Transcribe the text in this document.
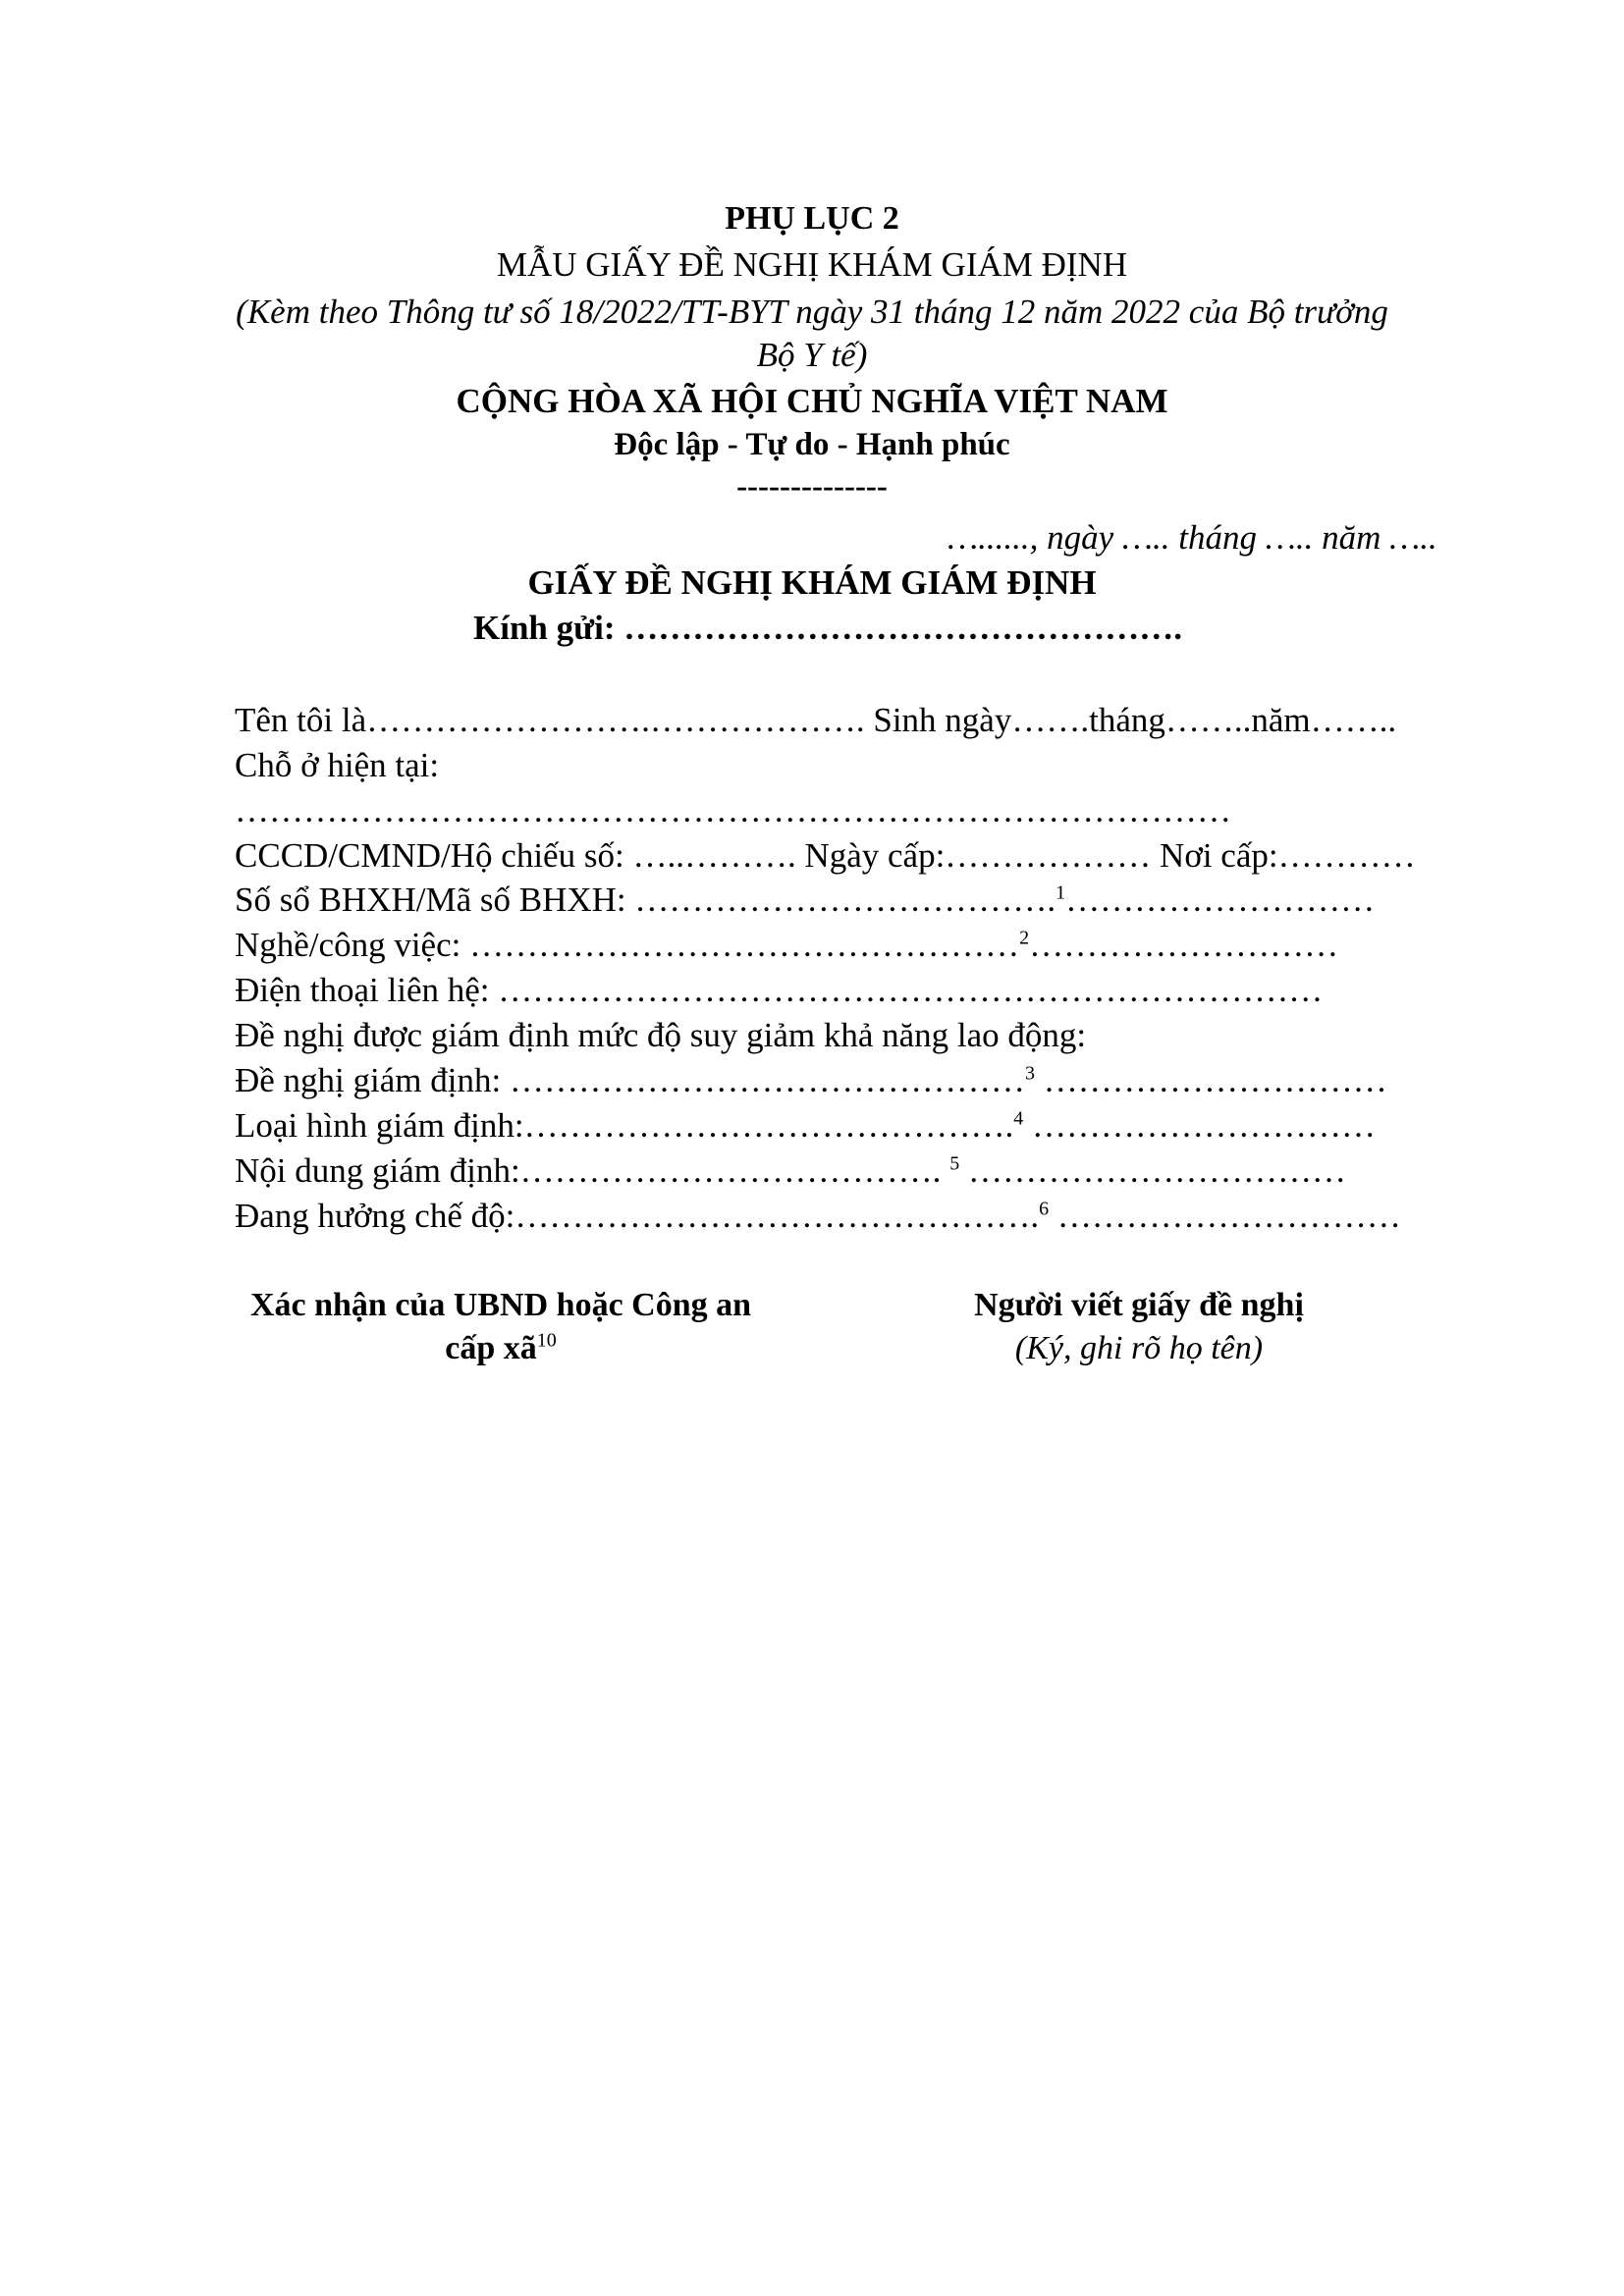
PHỤ LỤC 2
MẪU GIẤY ĐỀ NGHỊ KHÁM GIÁM ĐỊNH
(Kèm theo Thông tư số 18/2022/TT-BYT ngày 31 tháng 12 năm 2022 của Bộ trưởng
Bộ Y tế)
CỘNG HÒA XÃ HỘI CHỦ NGHĨA VIỆT NAM
Độc lập - Tự do - Hạnh phúc
--------------
…......, ngày ….. tháng ….. năm …..
GIẤY ĐỀ NGHỊ KHÁM GIÁM ĐỊNH
Kính gửi: ………………………………………….
Tên tôi là…………………….………………. Sinh ngày…….tháng……..năm……..
Chỗ ở hiện tại:
……………………………………………………………………………
CCCD/CMND/Hộ chiếu số: …..………. Ngày cấp:……………… Nơi cấp:…………
Số sổ BHXH/Mã số BHXH: ……………………………….$^1$………………………
Nghề/công việc: …………………………………………$^2$………………………
Điện thoại liên hệ: ………………………………………………………………
Đề nghị được giám định mức độ suy giảm khả năng lao động:
Đề nghị giám định: ………………………………………$^3$ …………………………
Loại hình giám định:…………………………………….$^4$ …………………………
Nội dung giám định:………………………………. $^5$ ……………………………
Đang hưởng chế độ:……………………………………….$^6$ …………………………
Xác nhận của UBND hoặc Công an
cấp $xã^{10}$
Người viết giấy đề nghị
(Ký, ghi rõ họ tên)
